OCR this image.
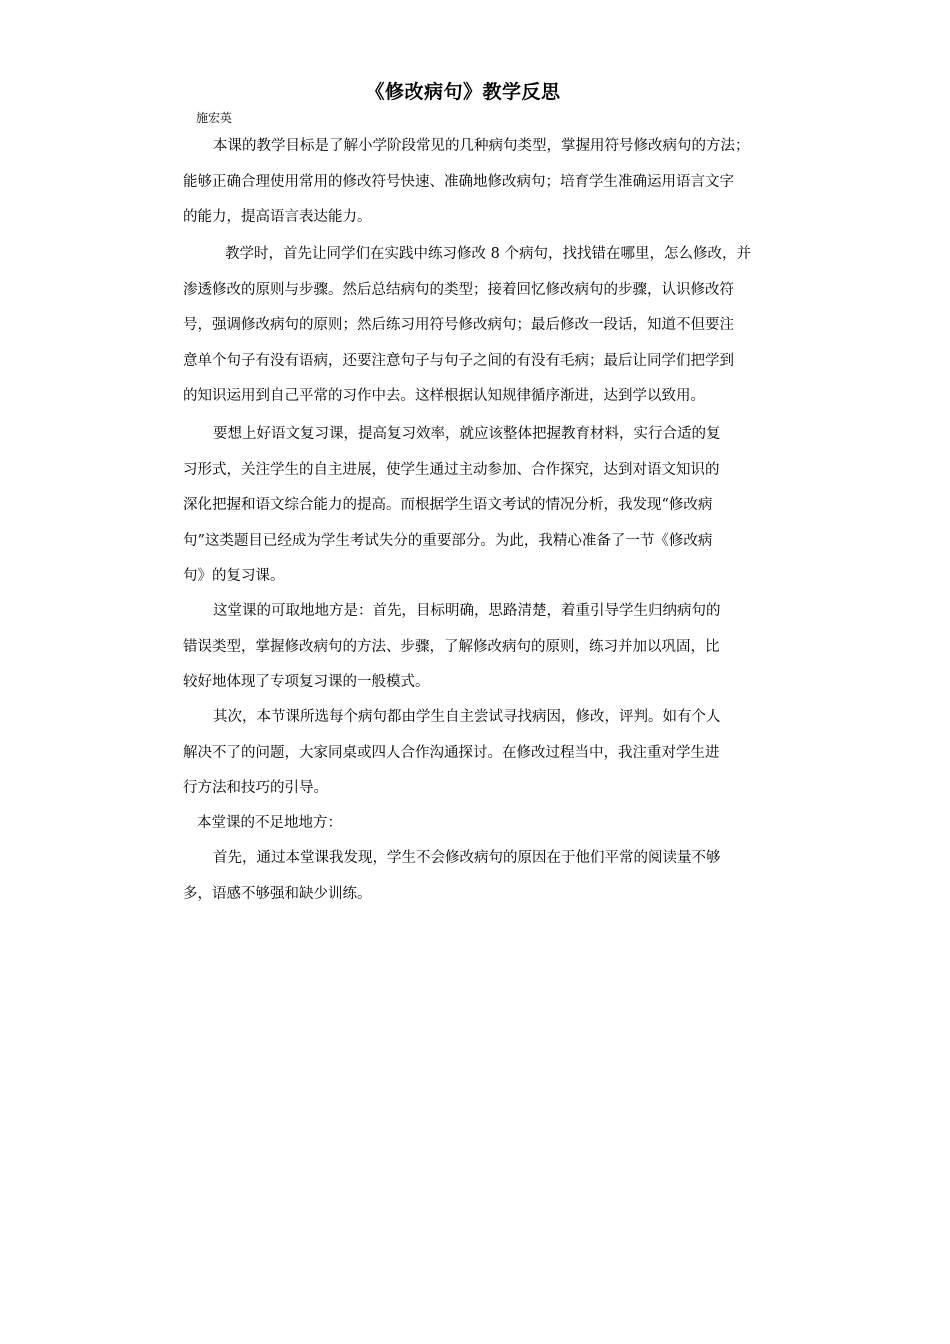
《修改病句》教学反思
施宏英
本课的教学目标是了解小学阶段常见的几种病句类型，掌握用符号修改病句的方法；
能够正确合理使用常用的修改符号快速、准确地修改病句；培育学生准确运用语言文字
的能力，提高语言表达能力。
教学时，首先让同学们在实践中练习修改 8 个病句，找找错在哪里，怎么修改，并
渗透修改的原则与步骤。然后总结病句的类型；接着回忆修改病句的步骤，认识修改符
号，强调修改病句的原则；然后练习用符号修改病句；最后修改一段话，知道不但要注
意单个句子有没有语病，还要注意句子与句子之间的有没有毛病；最后让同学们把学到
的知识运用到自己平常的习作中去。这样根据认知规律循序渐进，达到学以致用。
要想上好语文复习课，提高复习效率，就应该整体把握教育材料，实行合适的复
习形式，关注学生的自主进展，使学生通过主动参加、合作探究，达到对语文知识的
深化把握和语文综合能力的提高。而根据学生语文考试的情况分析，我发现“修改病
句”这类题目已经成为学生考试失分的重要部分。为此，我精心准备了一节《修改病
句》的复习课。
这堂课的可取地地方是：首先，目标明确，思路清楚，着重引导学生归纳病句的
错误类型，掌握修改病句的方法、步骤，了解修改病句的原则，练习并加以巩固，比
较好地体现了专项复习课的一般模式。
其次，本节课所选每个病句都由学生自主尝试寻找病因，修改，评判。如有个人
解决不了的问题，大家同桌或四人合作沟通探讨。在修改过程当中，我注重对学生进
行方法和技巧的引导。
本堂课的不足地地方：
首先，通过本堂课我发现，学生不会修改病句的原因在于他们平常的阅读量不够
多，语感不够强和缺少训练。
